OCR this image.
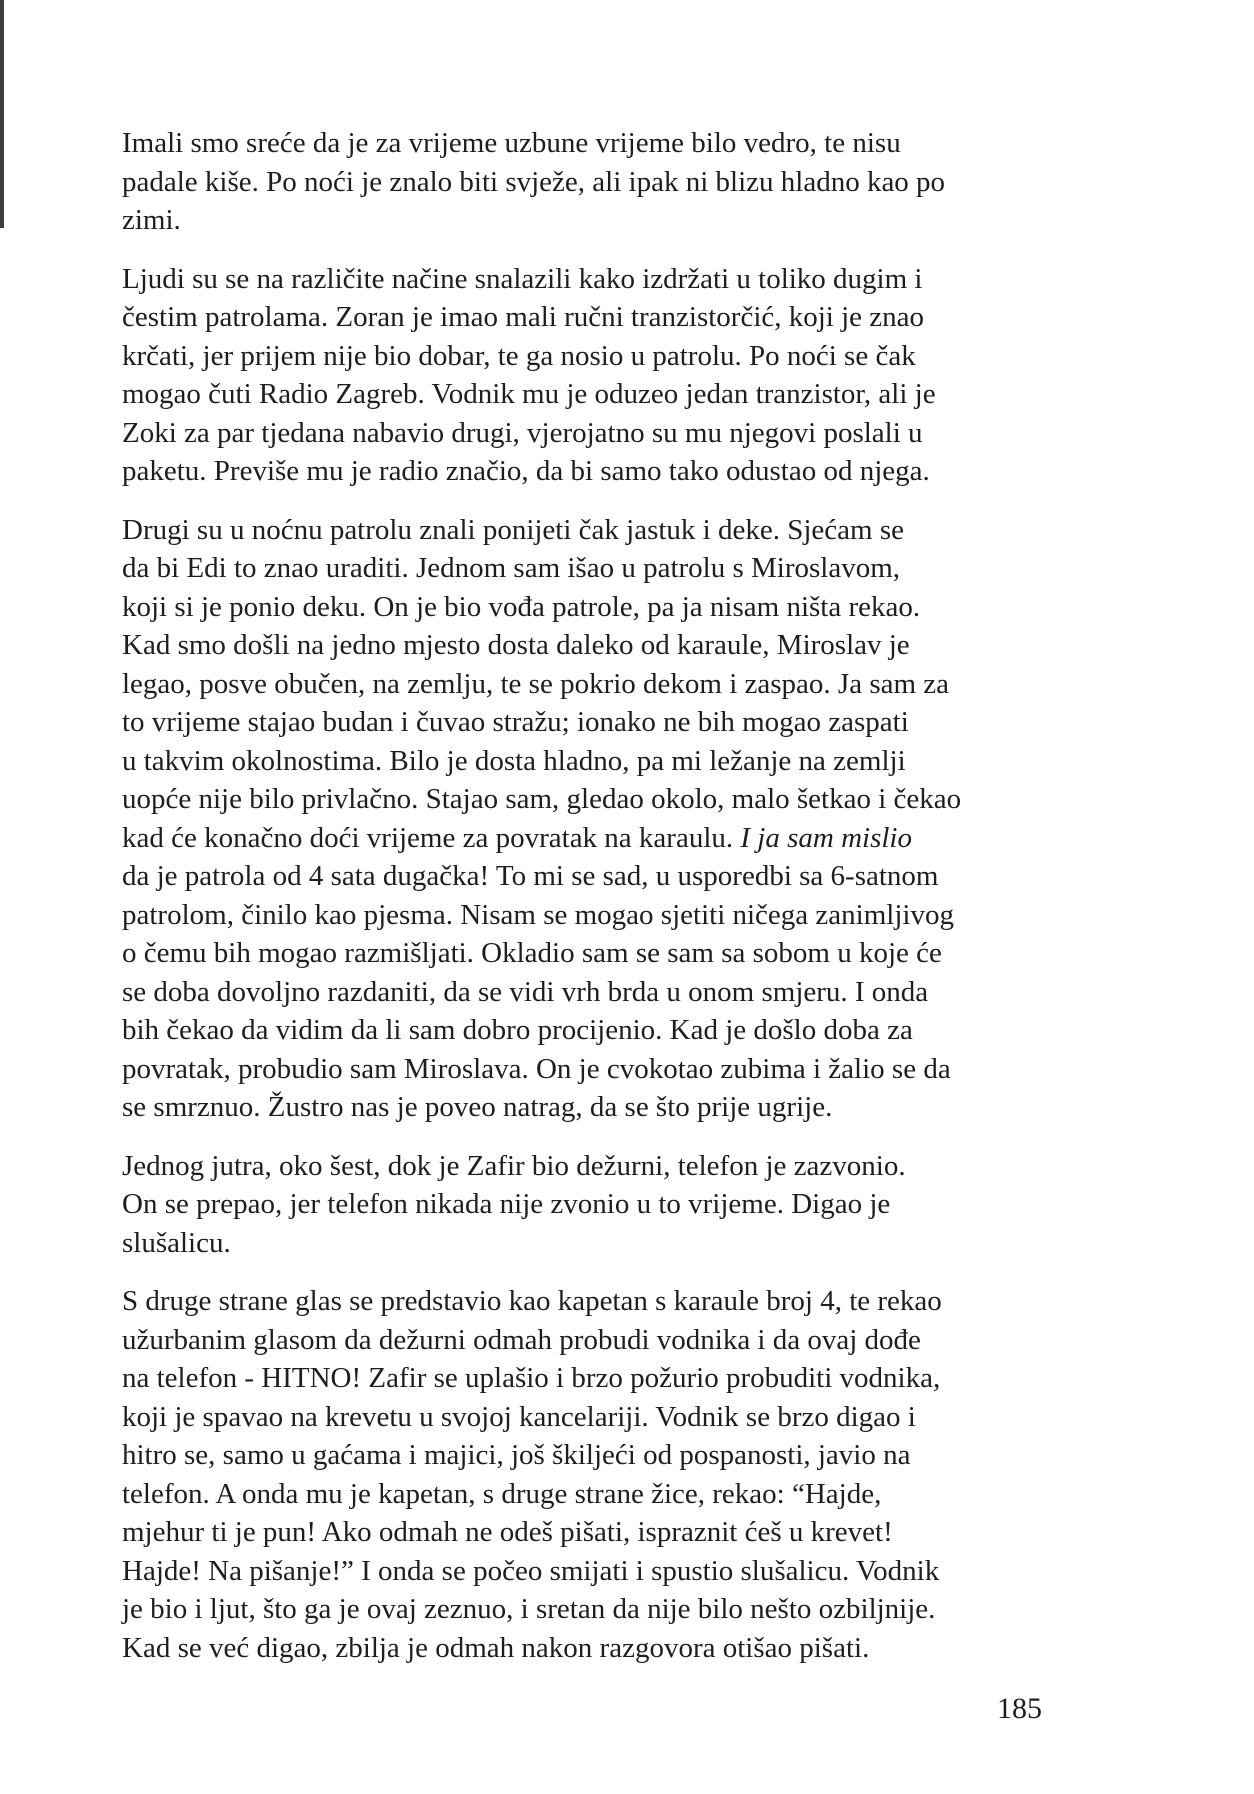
Imali smo sreće da je za vrijeme uzbune vrijeme bilo vedro, te nisu
padale kiše. Po noći je znalo biti svježe, ali ipak ni blizu hladno kao po
zimi.

Ljudi su se na različite načine snalazili kako izdržati u toliko dugim i
čestim patrolama. Zoran je imao mali ručni tranzistorčić, koji je znao
krčati, jer prijem nije bio dobar, te ga nosio u patrolu. Po noći se čak
mogao čuti Radio Zagreb. Vodnik mu je oduzeo jedan tranzistor, ali je
Zoki za par tjedana nabavio drugi, vjerojatno su mu njegovi poslali u
paketu. Previše mu je radio značio, da bi samo tako odustao od njega.

Drugi su u noćnu patrolu znali ponijeti čak jastuk i deke. Sjećam se
da bi Edi to znao uraditi. Jednom sam išao u patrolu s Miroslavom,
koji si je ponio deku. On je bio vođa patrole, pa ja nisam ništa rekao.
Kad smo došli na jedno mjesto dosta daleko od karaule, Miroslav je
legao, posve obučen, na zemlju, te se pokrio dekom i zaspao. Ja sam za
to vrijeme stajao budan i čuvao stražu; ionako ne bih mogao zaspati
u takvim okolnostima. Bilo je dosta hladno, pa mi ležanje na zemlji
uopće nije bilo privlačno. Stajao sam, gledao okolo, malo šetkao i čekao
kad će konačno doći vrijeme za povratak na karaulu. I ja sam mislio
da je patrola od 4 sata dugačka! To mi se sad, u usporedbi sa 6-satnom
patrolom, činilo kao pjesma. Nisam se mogao sjetiti ničega zanimljivog
o čemu bih mogao razmišljati. Okladio sam se sam sa sobom u koje će
se doba dovoljno razdaniti, da se vidi vrh brda u onom smjeru. I onda
bih čekao da vidim da li sam dobro procijenio. Kad je došlo doba za
povratak, probudio sam Miroslava. On je cvokotao zubima i žalio se da
se smrznuo. Žustro nas je poveo natrag, da se što prije ugrije.

Jednog jutra, oko šest, dok je Zafir bio dežurni, telefon je zazvonio.
On se prepao, jer telefon nikada nije zvonio u to vrijeme. Digao je
slušalicu.

S druge strane glas se predstavio kao kapetan s karaule broj 4, te rekao
užurbanim glasom da dežurni odmah probudi vodnika i da ovaj dođe
na telefon - HITNO! Zafir se uplašio i brzo požurio probuditi vodnika,
koji je spavao na krevetu u svojoj kancelariji. Vodnik se brzo digao i
hitro se, samo u gaćama i majici, još škiljeći od pospanosti, javio na
telefon. A onda mu je kapetan, s druge strane žice, rekao: “Hajde,
mjehur ti je pun! Ako odmah ne odeš pišati, ispraznit ćeš u krevet!
Hajde! Na pišanje!” I onda se počeo smijati i spustio slušalicu. Vodnik
je bio i ljut, što ga je ovaj zeznuo, i sretan da nije bilo nešto ozbiljnije.
Kad se već digao, zbilja je odmah nakon razgovora otišao pišati.

185
